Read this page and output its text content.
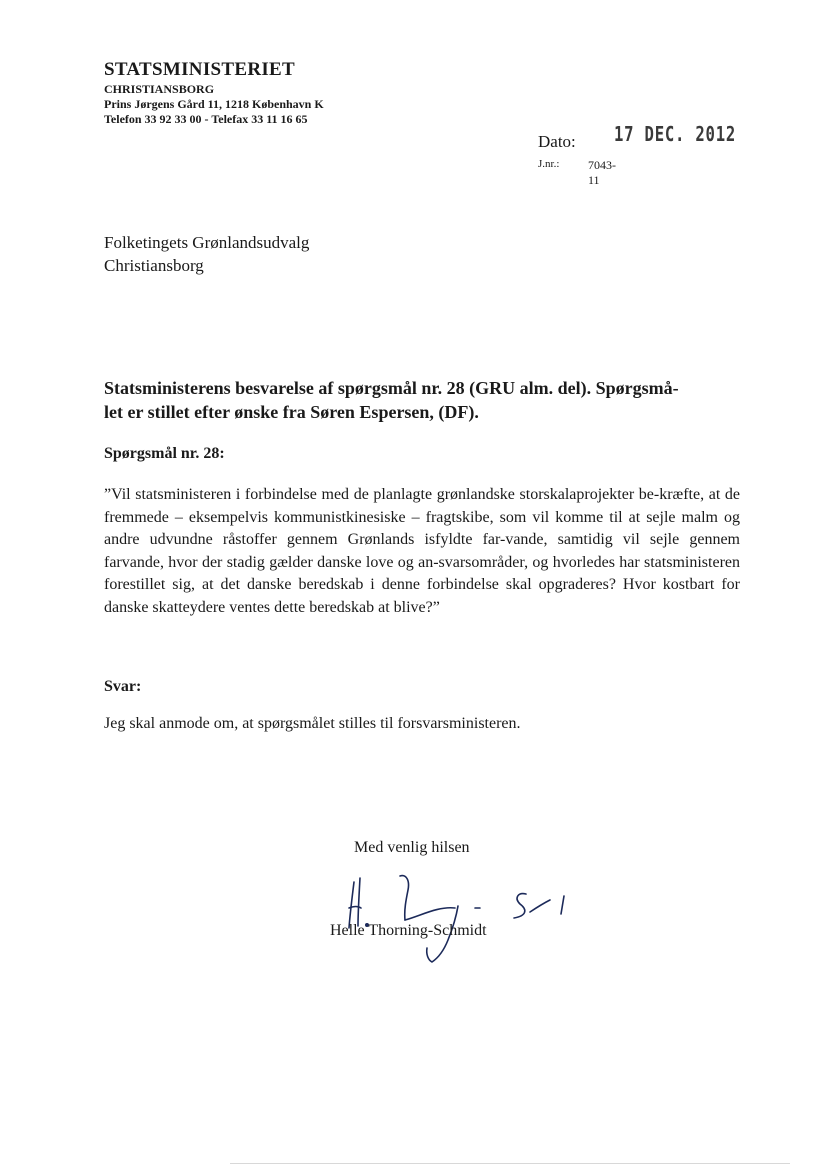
STATSMINISTERIET
CHRISTIANSBORG
Prins Jørgens Gård 11, 1218 København K
Telefon 33 92 33 00 - Telefax 33 11 16 65
Dato: 17 DEC. 2012
J.nr.: 7043-11
Folketingets Grønlandsudvalg
Christiansborg
Statsministerens besvarelse af spørgsmål nr. 28 (GRU alm. del). Spørgsmå-
let er stillet efter ønske fra Søren Espersen, (DF).
Spørgsmål nr. 28:
”Vil statsministeren i forbindelse med de planlagte grønlandske storskalaprojekter be-kræfte, at de fremmede – eksempelvis kommunistkinesiske – fragtskibe, som vil komme til at sejle malm og andre udvundne råstoffer gennem Grønlands isfyldte far-vande, samtidig vil sejle gennem farvande, hvor der stadig gælder danske love og an-svarsområder, og hvorledes har statsministeren forestillet sig, at det danske beredskab i denne forbindelse skal opgraderes? Hvor kostbart for danske skatteydere ventes dette beredskab at blive?”
Svar:
Jeg skal anmode om, at spørgsmålet stilles til forsvarsministeren.
Med venlig hilsen
Helle Thorning-Schmidt
